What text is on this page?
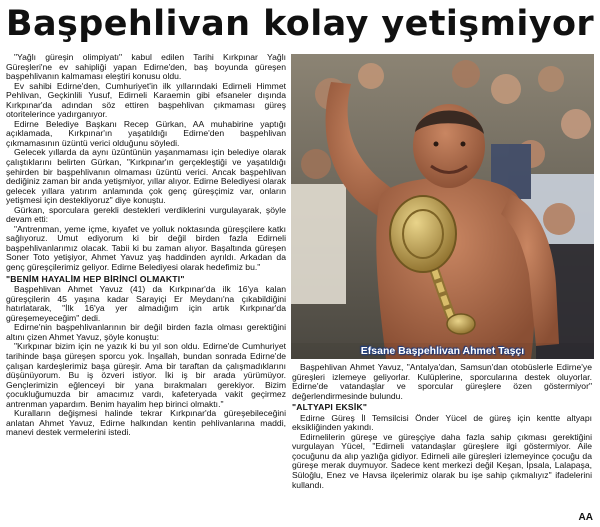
Başpehlivan kolay yetişmiyor

"Yağlı güreşin olimpiyatı" kabul edilen Tarihi Kırkpınar Yağlı Güreşleri'ne ev sahipliği yapan Edirne'den, baş boyunda güreşen başpehlivanın kalmaması eleştiri konusu oldu.

Ev sahibi Edirne'den, Cumhuriyet'in ilk yıllarındaki Edirneli Himmet Pehlivan, Geçkinlili Yusuf, Edirneli Karaemin gibi efsaneler dışında Kırkpınar'da adından söz ettiren başpehlivan çıkmaması güreş otoritelerince yadırganıyor.

Edirne Belediye Başkanı Recep Gürkan, AA muhabirine yaptığı açıklamada, Kırkpınar'ın yaşatıldığı Edirne'den başpehlivan çıkmamasının üzüntü verici olduğunu söyledi.

Gelecek yıllarda da aynı üzüntünün yaşanmaması için belediye olarak çalıştıklarını belirten Gürkan, "Kırkpınar'ın gerçekleştiği ve yaşatıldığı şehirden bir başpehlivanın olmaması üzüntü verici. Ancak başpehlivan dediğiniz zaman bir anda yetişmiyor, yıllar alıyor. Edirne Belediyesi olarak gelecek yıllara yatırım anlamında çok genç güreşçimiz var, onların yetişmesi için destekliyoruz" diye konuştu.

Gürkan, sporculara gerekli destekleri verdiklerini vurgulayarak, şöyle devam etti:

"Antrenman, yeme içme, kıyafet ve yolluk noktasında güreşçilere katkı sağlıyoruz. Umut ediyorum ki bir değil birden fazla Edirneli başpehlivanlarımız olacak. Tabii ki bu zaman alıyor. Başaltında güreşen Soner Toto yetişiyor, Ahmet Yavuz yaş haddinden ayrıldı. Arkadan da genç güreşçilerimiz geliyor. Edirne Belediyesi olarak hedefimiz bu."

"BENİM HAYALİM HEP BİRİNCİ OLMAKTI"

Başpehlivan Ahmet Yavuz (41) da Kırkpınar'da ilk 16'ya kalan güreşçilerin 45 yaşına kadar Sarayiçi Er Meydanı'na çıkabildiğini hatırlatarak, "İlk 16'ya yer almadığım için artık Kırkpınar'da güreşemeyeceğim" dedi.

Edirne'nin başpehlivanlarının bir değil birden fazla olması gerektiğini altını çizen Ahmet Yavuz, şöyle konuştu:

"Kırkpınar bizim için ne yazık ki bu yıl son oldu. Edirne'de Cumhuriyet tarihinde başa güreşen sporcu yok. İnşallah, bundan sonrada Edirne'de çalışan kardeşlerimiz başa güreşir. Ama bir taraftan da çalışmadıklarını düşünüyorum. Bu iş özveri istiyor. İki iş bir arada yürümüyor. Gençlerimizin eğlenceyi bir yana bırakmaları gerekiyor. Bizim çocukluğumuzda bir amacımız vardı, kafeteryada vakit geçirmez antrenman yapardım. Benim hayalim hep birinci olmaktı."

Kuralların değişmesi halinde tekrar Kırkpınar'da güreşebileceğini anlatan Ahmet Yavuz, Edirne halkından kentin pehlivanlarına maddi, manevi destek vermelerini istedi.

Efsane Başpehlivan Ahmet Taşçı

Başpehlivan Ahmet Yavuz, "Antalya'dan, Samsun'dan otobüslerle Edirne'ye güreşleri izlemeye geliyorlar. Kulüplerine, sporcularına destek oluyorlar. Edirne'de vatandaşlar ve sporcular güreşlere özen göstermiyor" değerlendirmesinde bulundu.

"ALTYAPI EKSİK"

Edirne Güreş İl Temsilcisi Önder Yücel de güreş için kentte altyapı eksikliğinden yakındı.

Edirnelilerin güreşe ve güreşçiye daha fazla sahip çıkması gerektiğini vurgulayan Yücel, "Edirneli vatandaşlar güreşlere ilgi göstermiyor. Aile çocuğunu da alıp yazlığa gidiyor. Edirneli aile güreşleri izlemeyince çocuğu da güreşe merak duymuyor. Sadece kent merkezi değil Keşan, İpsala, Lalapaşa, Süloğlu, Enez ve Havsa ilçelerimiz olarak bu işe sahip çıkmalıyız" ifadelerini kullandı.

AA
